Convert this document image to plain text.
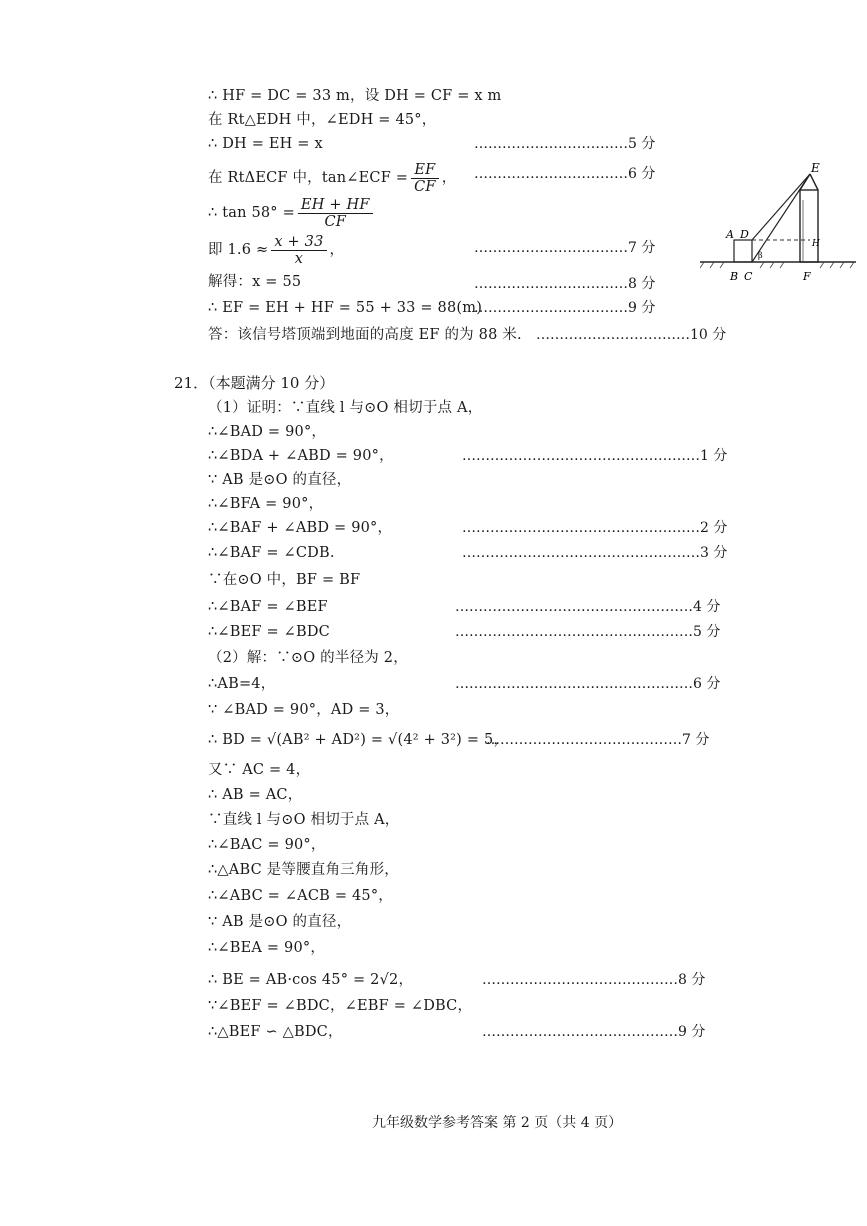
∴ HF = DC = 33 m，设 DH = CF = x m
在 Rt△EDH 中，∠EDH = 45°，
∴ DH = EH = x	……………………………5 分
在 RtΔECF 中，tan∠ECF = $\frac{EF}{CF}$ ， ……………………………6 分
∴ $\tan 58^\circ = \frac{EH + HF}{CF}$
即 $1.6 \approx \frac{x + 33}{x}$ ，	……………………………7 分
解得：x = 55	……………………………8 分
∴ EF = EH + HF = 55 + 33 = 88(m)
……………………………9 分
答：该信号塔顶端到地面的高度 EF 的为 88 米. ……………………………10 分
E
A D
H
B C	F
β
21．（本题满分 10 分）
（1）证明：∵直线 l 与⊙O 相切于点 A，
∴∠BAD = 90°，
∴∠BDA + ∠ABD = 90°，	……………………………………………1 分
∵ AB 是⊙O 的直径，
∴∠BFA = 90°，
∴∠BAF + ∠ABD = 90°，	……………………………………………2 分
∴∠BAF = ∠CDB.	……………………………………………3 分
∵在⊙O 中，BF = BF
∴∠BAF = ∠BEF	……………………………………………4 分
∴∠BEF = ∠BDC	……………………………………………5 分
（2）解：∵⊙O 的半径为 2，
∴AB=4，	……………………………………………6 分
∵ ∠BAD = 90°，AD = 3，
∴ BD = √(AB² + AD²) = √(4² + 3²) = 5，
……………………………………7 分
又∵ AC = 4，
∴ AB = AC，
∵直线 l 与⊙O 相切于点 A，
∴∠BAC = 90°，
∴△ABC 是等腰直角三角形，
∴∠ABC = ∠ACB = 45°，
∵ AB 是⊙O 的直径，
∴∠BEA = 90°，
∴ BE = AB·cos 45° = 2√2，	……………………………………8 分
∵∠BEF = ∠BDC，∠EBF = ∠DBC，
∴△BEF ∽ △BDC，	……………………………………9 分
九年级数学参考答案 第 2 页（共 4 页）
